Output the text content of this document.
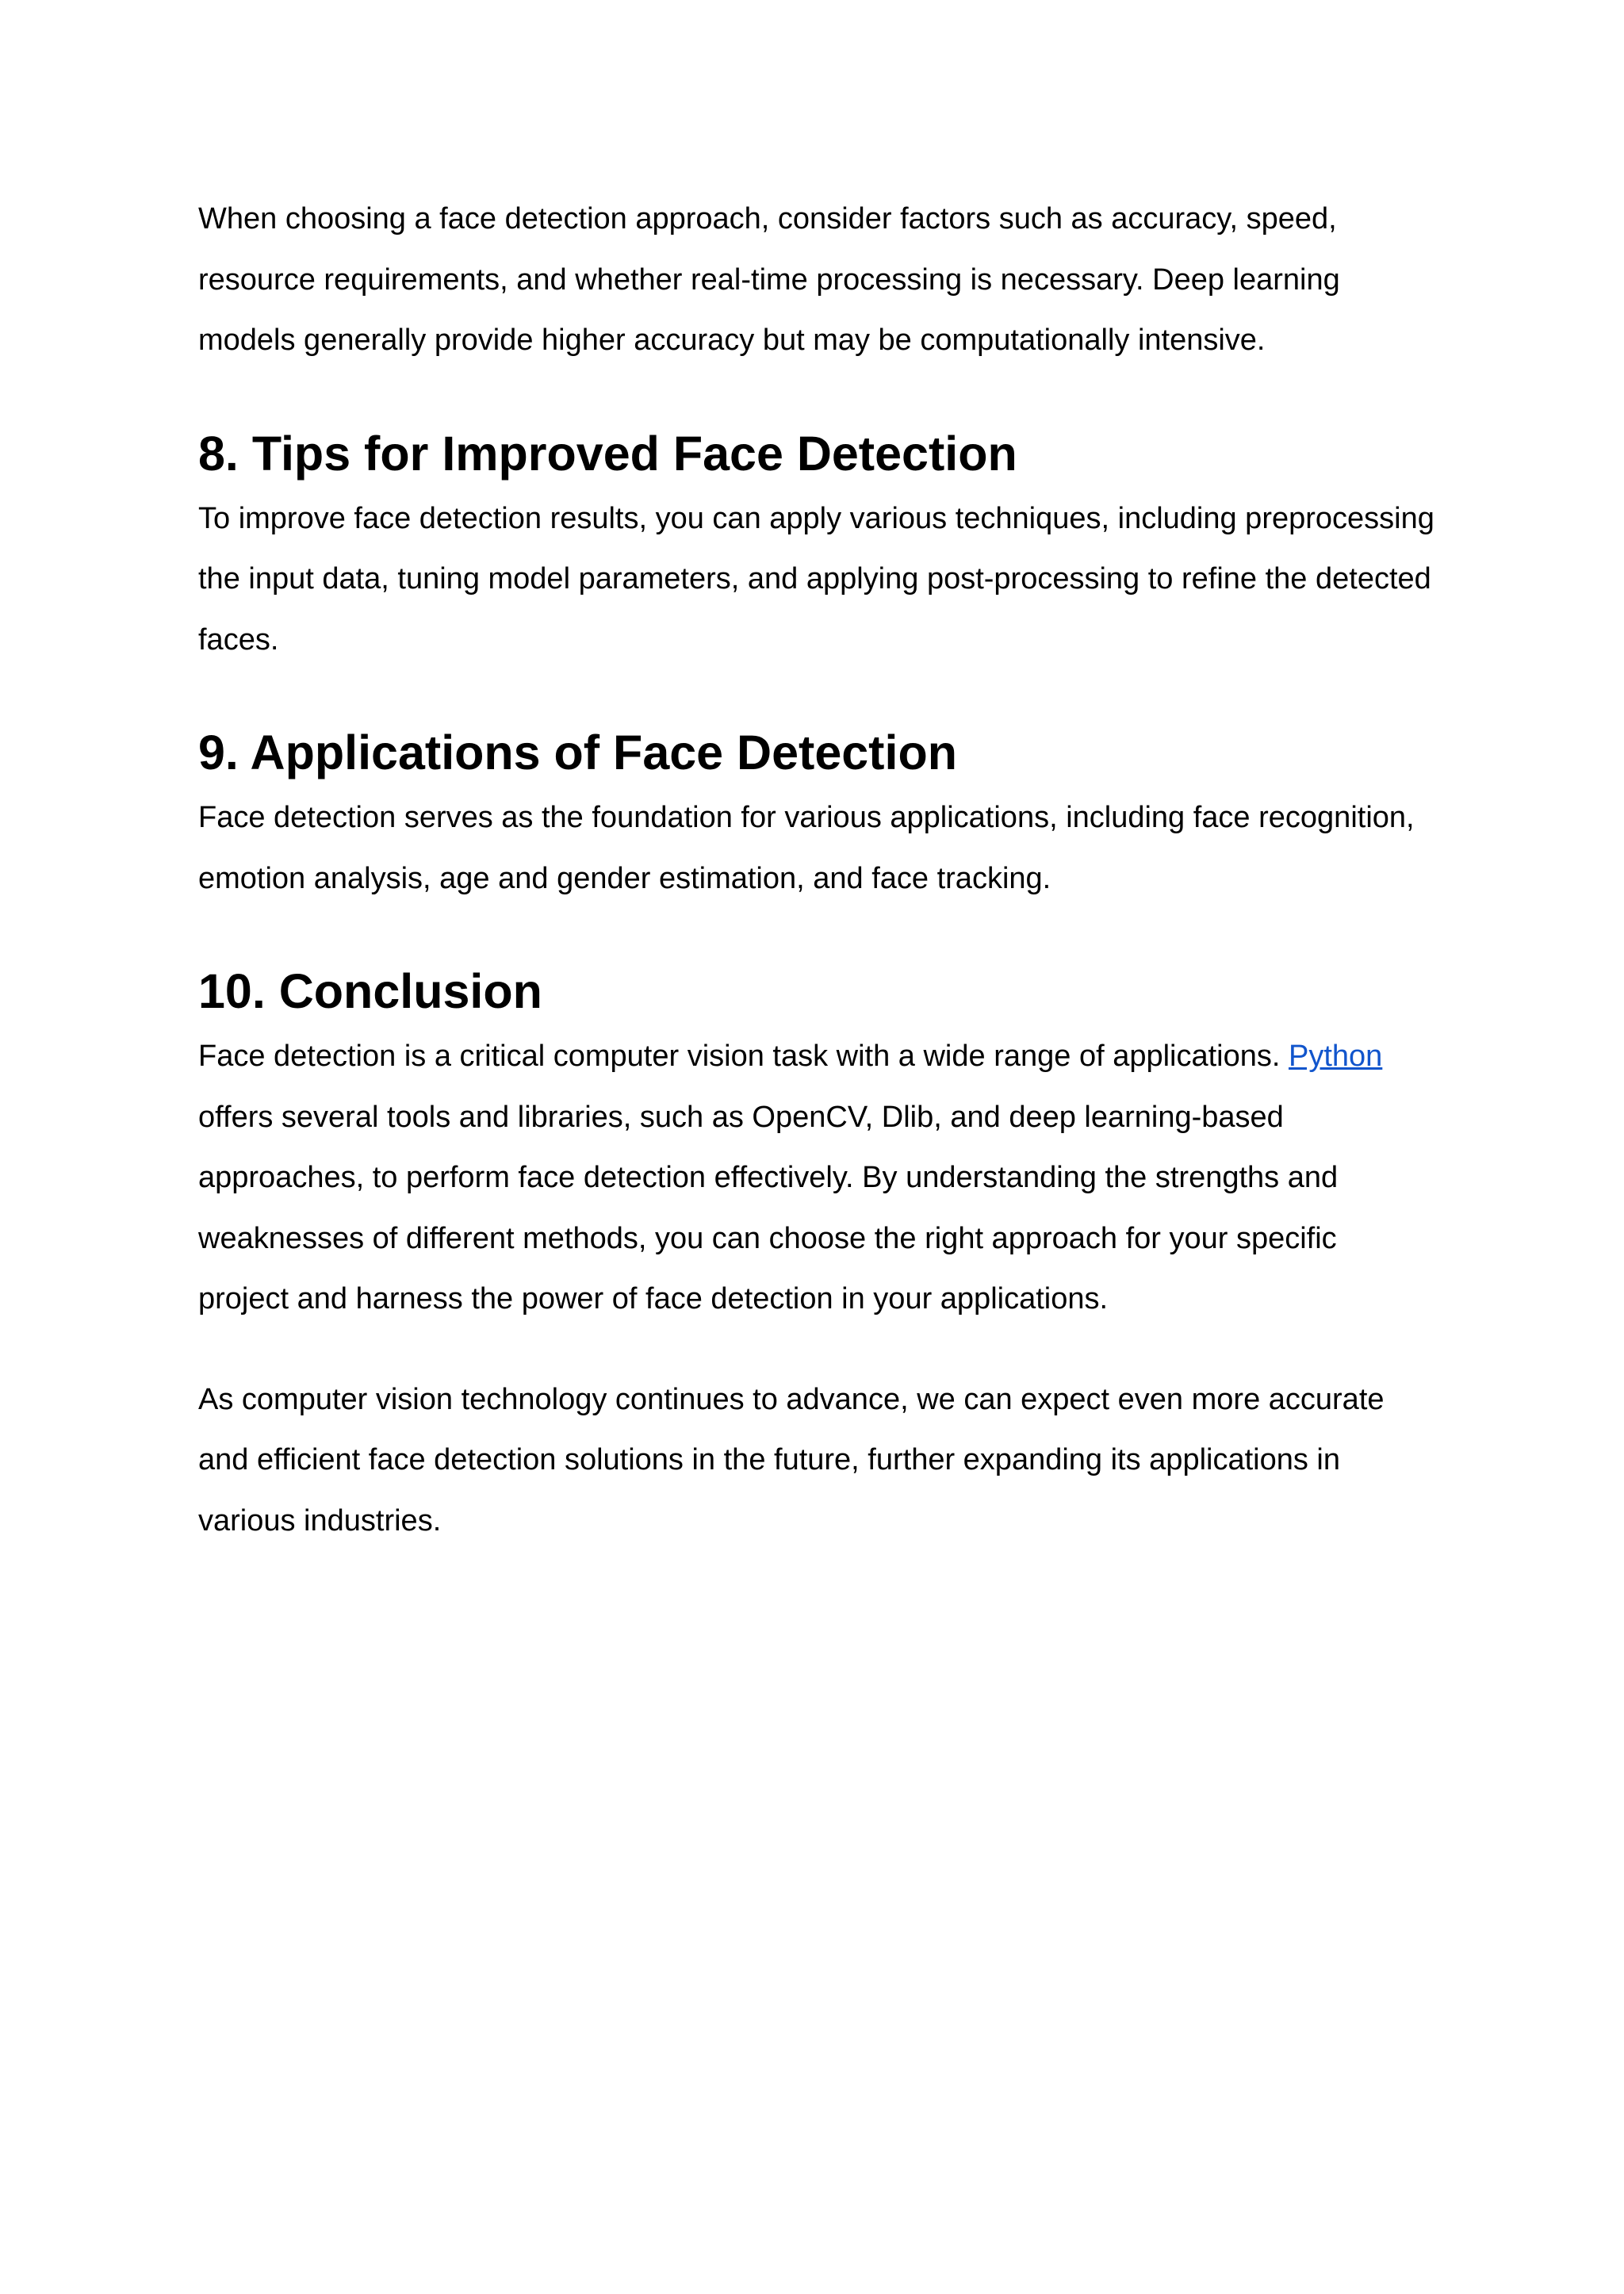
When choosing a face detection approach, consider factors such as accuracy, speed,
resource requirements, and whether real-time processing is necessary. Deep learning
models generally provide higher accuracy but may be computationally intensive.

8. Tips for Improved Face Detection

To improve face detection results, you can apply various techniques, including preprocessing
the input data, tuning model parameters, and applying post-processing to refine the detected
faces.

9. Applications of Face Detection

Face detection serves as the foundation for various applications, including face recognition,
emotion analysis, age and gender estimation, and face tracking.

10. Conclusion

Face detection is a critical computer vision task with a wide range of applications. Python
offers several tools and libraries, such as OpenCV, Dlib, and deep learning-based
approaches, to perform face detection effectively. By understanding the strengths and
weaknesses of different methods, you can choose the right approach for your specific
project and harness the power of face detection in your applications.

As computer vision technology continues to advance, we can expect even more accurate
and efficient face detection solutions in the future, further expanding its applications in
various industries.
